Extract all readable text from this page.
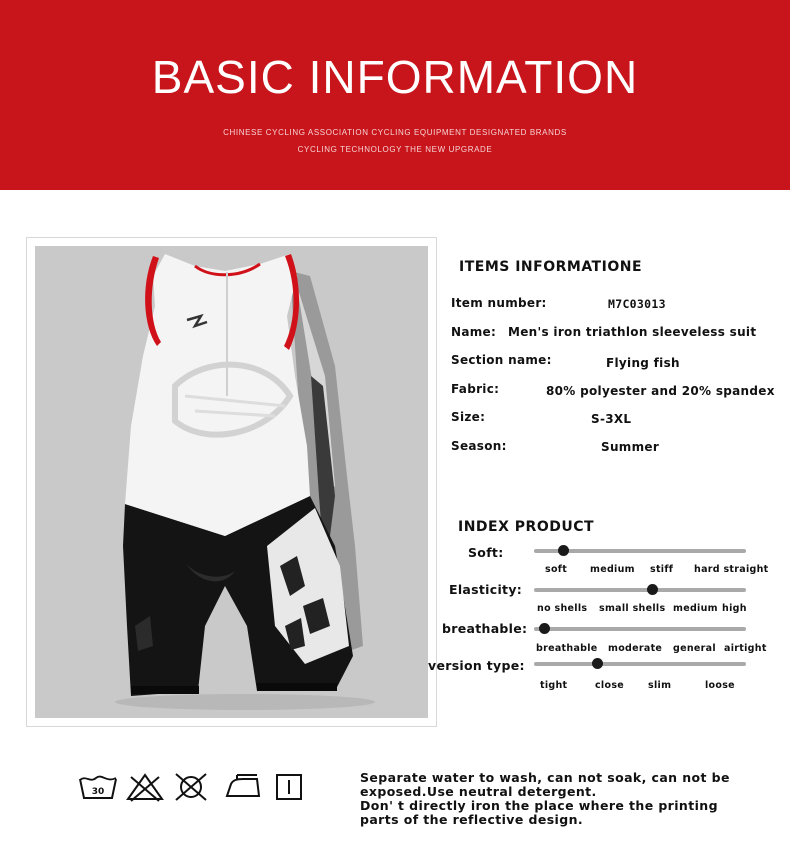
BASIC INFORMATION
CHINESE CYCLING ASSOCIATION CYCLING EQUIPMENT DESIGNATED BRANDS
CYCLING TECHNOLOGY THE NEW UPGRADE
ITEMS INFORMATIONE
Item number:	M7C03013
Name: Men's iron triathlon sleeveless suit
Section name:	Flying fish
Fabric:	80% polyester and 20% spandex
Size:	S-3XL
Season:	Summer
INDEX PRODUCT
Soft:
soft medium stiff hard straight
Elasticity:
no shells small shells medium high
breathable:
breathable moderate general airtight
version type:
tight	close	slim	loose
30
Separate water to wash, can not soak, can not be
exposed.Use neutral detergent.
Don' t directly iron the place where the printing
parts of the reflective design.
